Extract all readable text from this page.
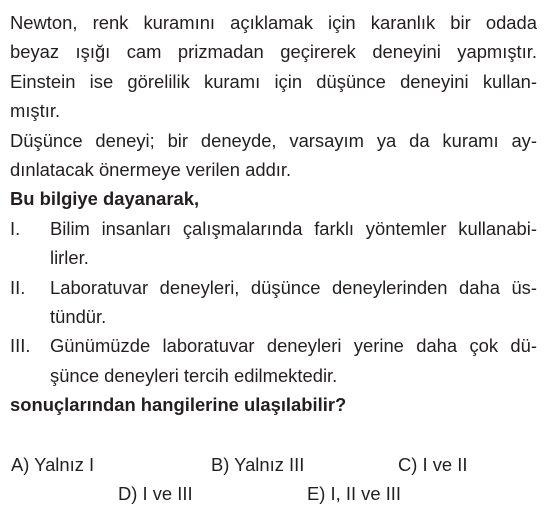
Newton, renk kuramını açıklamak için karanlık bir odada
beyaz ışığı cam prizmadan geçirerek deneyini yapmıştır.
Einstein ise görelilik kuramı için düşünce deneyini kullan-
mıştır.
Düşünce deneyi; bir deneyde, varsayım ya da kuramı ay-
dınlatacak önermeye verilen addır.
Bu bilgiye dayanarak,
I. Bilim insanları çalışmalarında farklı yöntemler kullanabi-
lirler.
II. Laboratuvar deneyleri, düşünce deneylerinden daha üs-
tündür.
III. Günümüzde laboratuvar deneyleri yerine daha çok dü-
şünce deneyleri tercih edilmektedir.
sonuçlarından hangilerine ulaşılabilir?
A) Yalnız I	B) Yalnız III	C) I ve II
D) I ve III	E) I, II ve III
